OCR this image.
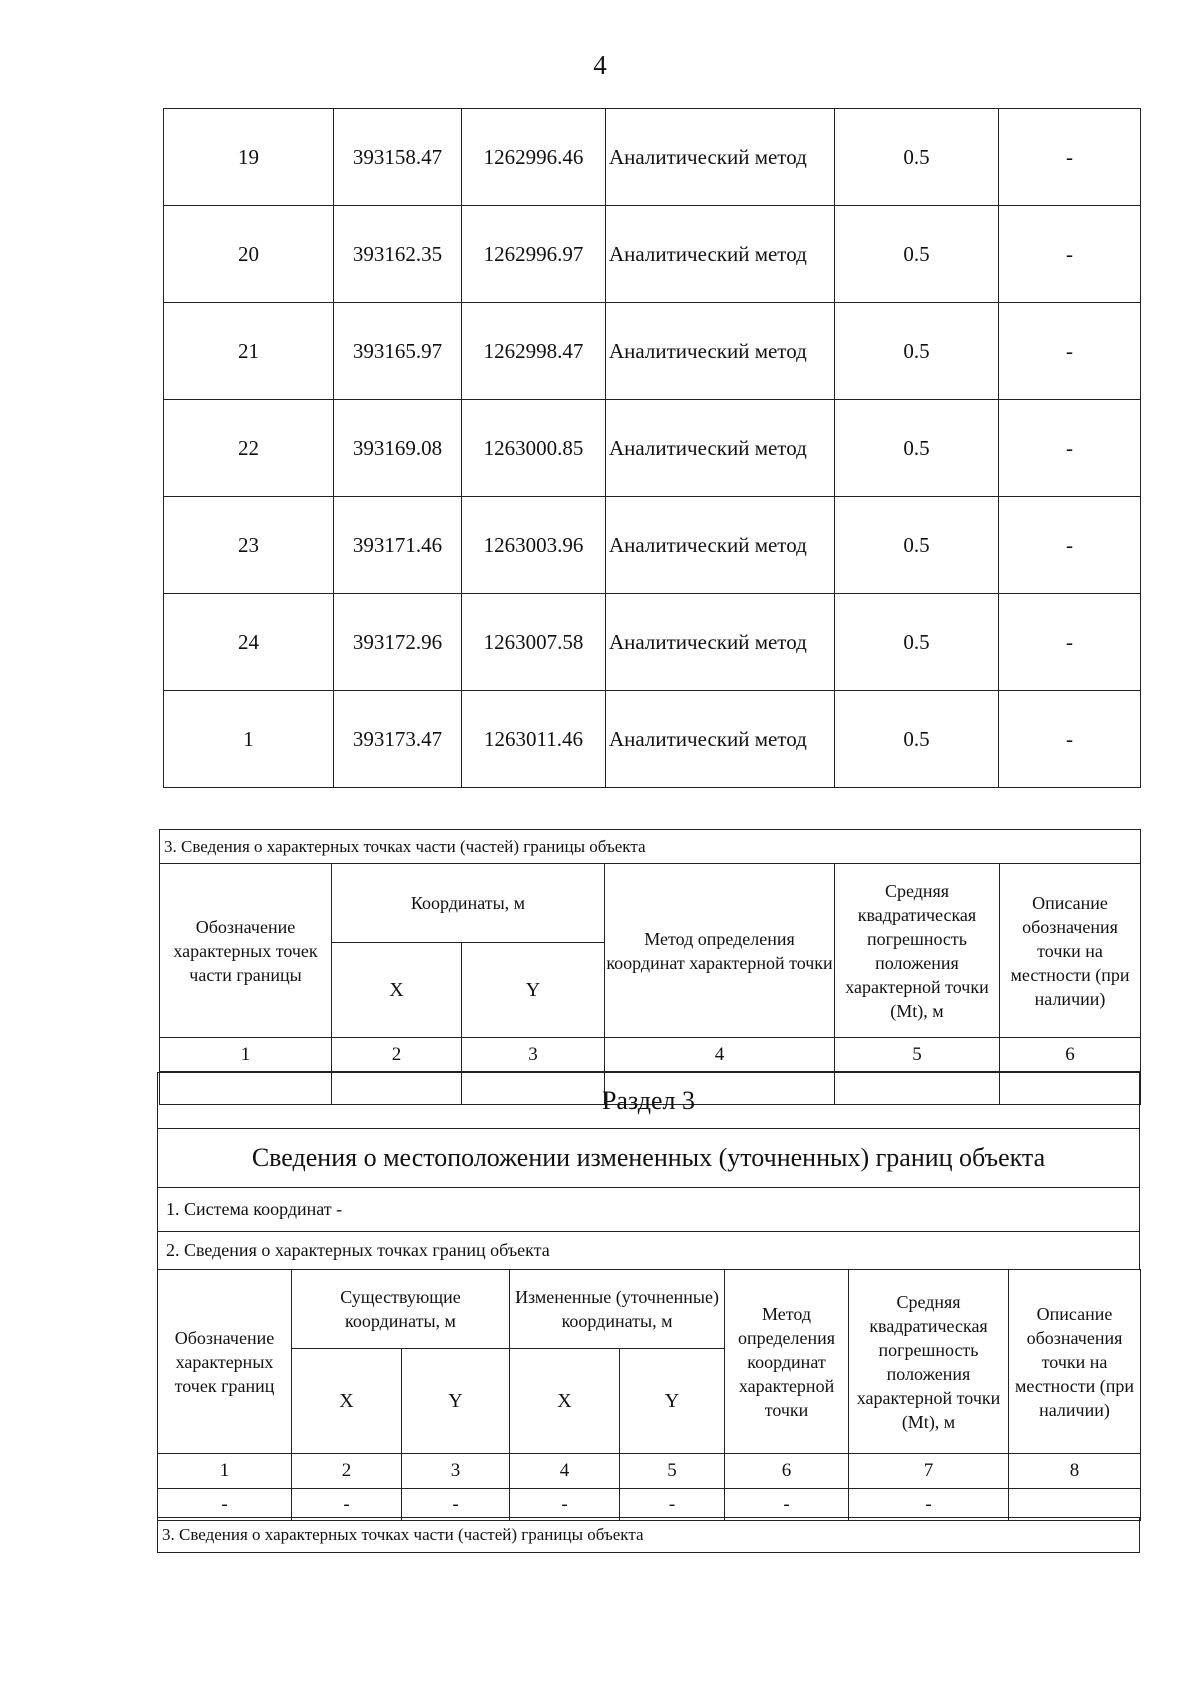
4
19	393158.47	1262996.46	Аналитический метод	0.5	-
20	393162.35	1262996.97	Аналитический метод	0.5	-
21	393165.97	1262998.47	Аналитический метод	0.5	-
22	393169.08	1263000.85	Аналитический метод	0.5	-
23	393171.46	1263003.96	Аналитический метод	0.5	-
24	393172.96	1263007.58	Аналитический метод	0.5	-
1	393173.47	1263011.46	Аналитический метод	0.5	-
3. Сведения о характерных точках части (частей) границы объекта					
Обозначение характерных точек части границы	Координаты, м		Метод определения координат характерной точки	Средняя квадратическая погрешность положения характерной точки (Mt), м	Описание обозначения точки на местности (при наличии)
	X	Y			
1	2	3	4	5	6

Раздел 3
Сведения о местоположении измененных (уточненных) границ объекта
1. Система координат -
2. Сведения о характерных точках границ объекта
Обозначение характерных точек границ	Существующие координаты, м		Измененные (уточненные) координаты, м		Метод определения координат характерной точки	Средняя квадратическая погрешность положения характерной точки (Mt), м	Описание обозначения точки на местности (при наличии)
	X	Y	X	Y			
1	2	3	4	5	6	7	8
-	-	-	-	-	-	-	
3. Сведения о характерных точках части (частей) границы объекта
